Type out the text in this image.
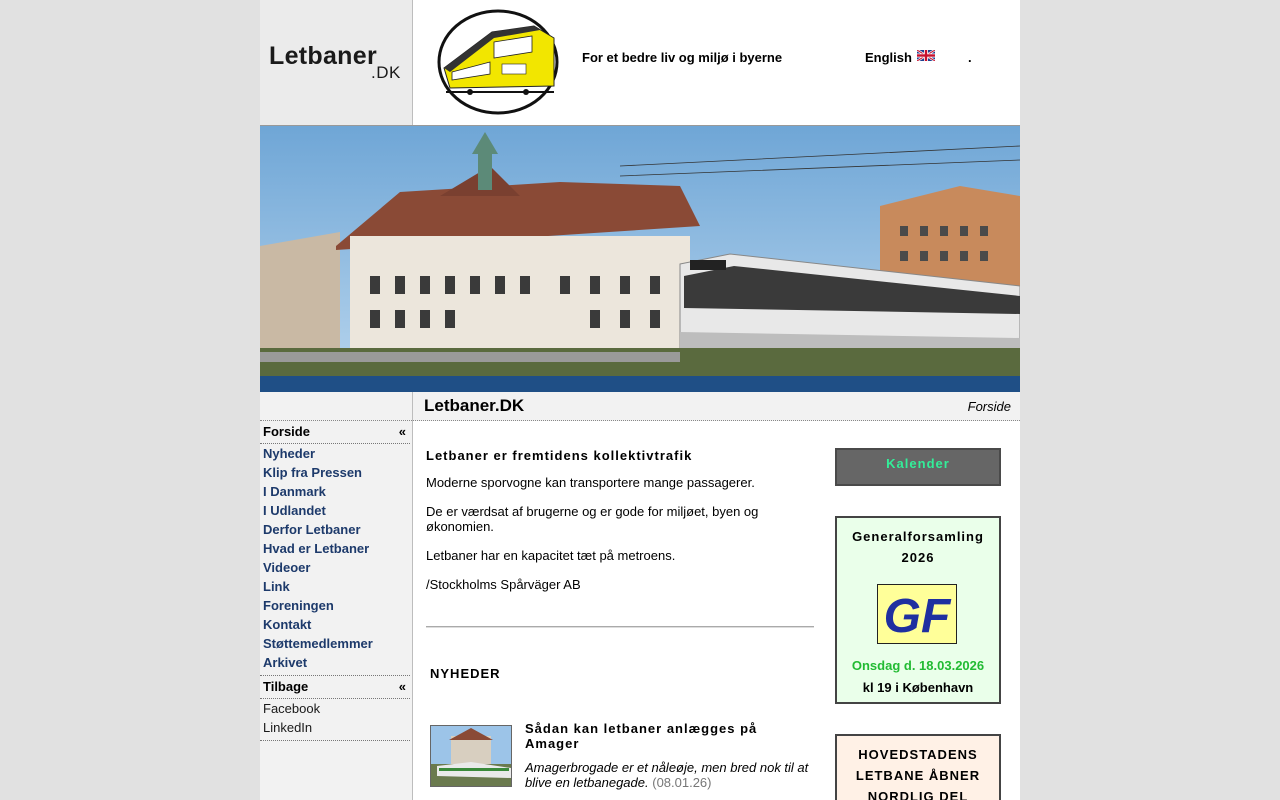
Letbaner
.DK
For et bedre liv og miljø i byerne	English	.
Letbaner.DK	Forside
Forside	«
Nyheder
Klip fra Pressen
I Danmark
I Udlandet
Derfor Letbaner
Hvad er Letbaner
Videoer
Link
Foreningen
Kontakt
Støttemedlemmer
Arkivet
Tilbage	«
Facebook
LinkedIn
Letbaner er fremtidens kollektivtrafik

Moderne sporvogne kan transportere mange passagerer.

De er værdsat af brugerne og er gode for miljøet, byen og økonomien.

Letbaner har en kapacitet tæt på metroens.

/Stockholms Spårväger AB

NYHEDER
Sådan kan letbaner anlægges på Amager
Amagerbrogade er et nåleøje, men bred nok til at blive en letbanegade. (08.01.26)
Kalender
Generalforsamling 2026
GF
Onsdag d. 18.03.2026
kl 19 i København
HOVEDSTADENS LETBANE ÅBNER NORDLIG DEL
